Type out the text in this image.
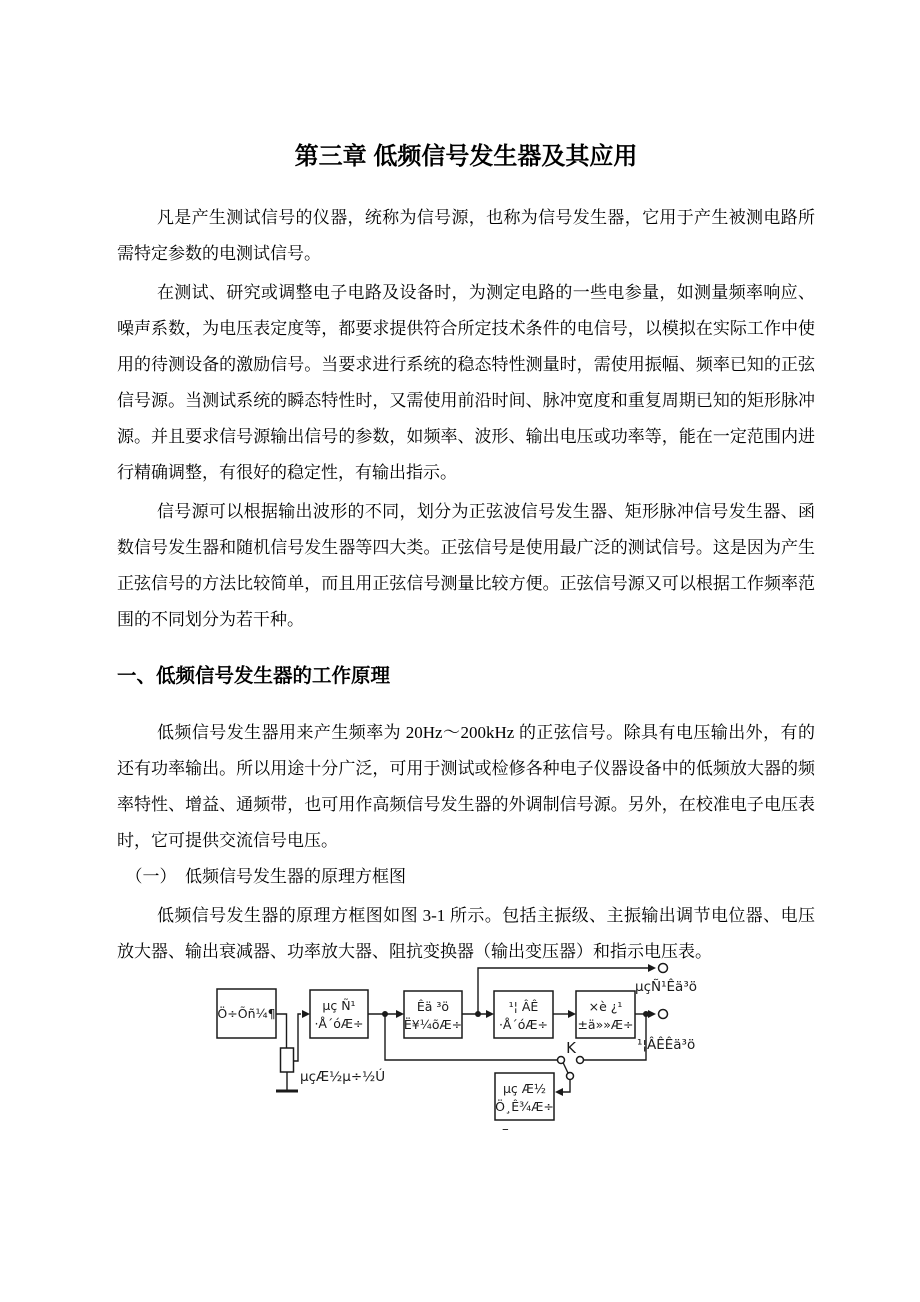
第三章 低频信号发生器及其应用

凡是产生测试信号的仪器，统称为信号源，也称为信号发生器，它用于产生被测电路所需特定参数的电测试信号。

在测试、研究或调整电子电路及设备时，为测定电路的一些电参量，如测量频率响应、噪声系数，为电压表定度等，都要求提供符合所定技术条件的电信号，以模拟在实际工作中使用的待测设备的激励信号。当要求进行系统的稳态特性测量时，需使用振幅、频率已知的正弦信号源。当测试系统的瞬态特性时，又需使用前沿时间、脉冲宽度和重复周期已知的矩形脉冲源。并且要求信号源输出信号的参数，如频率、波形、输出电压或功率等，能在一定范围内进行精确调整，有很好的稳定性，有输出指示。

信号源可以根据输出波形的不同，划分为正弦波信号发生器、矩形脉冲信号发生器、函数信号发生器和随机信号发生器等四大类。正弦信号是使用最广泛的测试信号。这是因为产生正弦信号的方法比较简单，而且用正弦信号测量比较方便。正弦信号源又可以根据工作频率范围的不同划分为若干种。

一、低频信号发生器的工作原理

低频信号发生器用来产生频率为 20Hz～200kHz 的正弦信号。除具有电压输出外，有的还有功率输出。所以用途十分广泛，可用于测试或检修各种电子仪器设备中的低频放大器的频率特性、增益、通频带，也可用作高频信号发生器的外调制信号源。另外，在校准电子电压表时，它可提供交流信号电压。

（一）　低频信号发生器的原理方框图

低频信号发生器的原理方框图如图 3-1 所示。包括主振级、主振输出调节电位器、电压放大器、输出衰减器、功率放大器、阻抗变换器（输出变压器）和指示电压表。

Ö÷Õñ¼¶
µç Ñ¹
·Å´óÆ÷
Êä ³ö
Ë¥¼õÆ÷
¹¦ ÂÊ
·Å´óÆ÷
×è ¿¹
±ä»»Æ÷
µç Æ½
Ö¸Ê¾Æ÷
µçÑ¹Êä³ö
¹¦ÂÊÊä³ö
µçÆ½µ÷½Ú
K
–
